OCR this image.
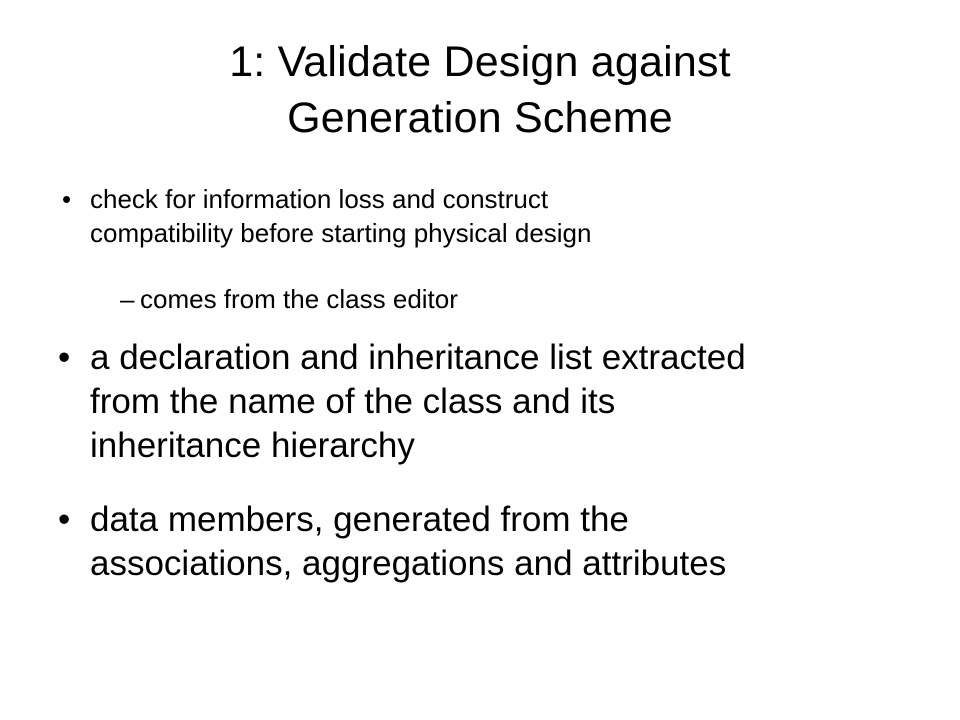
1: Validate Design against
Generation Scheme
• check for information loss and construct
compatibility before starting physical design
– comes from the class editor
• a declaration and inheritance list extracted
from the name of the class and its
inheritance hierarchy
• data members, generated from the
associations, aggregations and attributes
